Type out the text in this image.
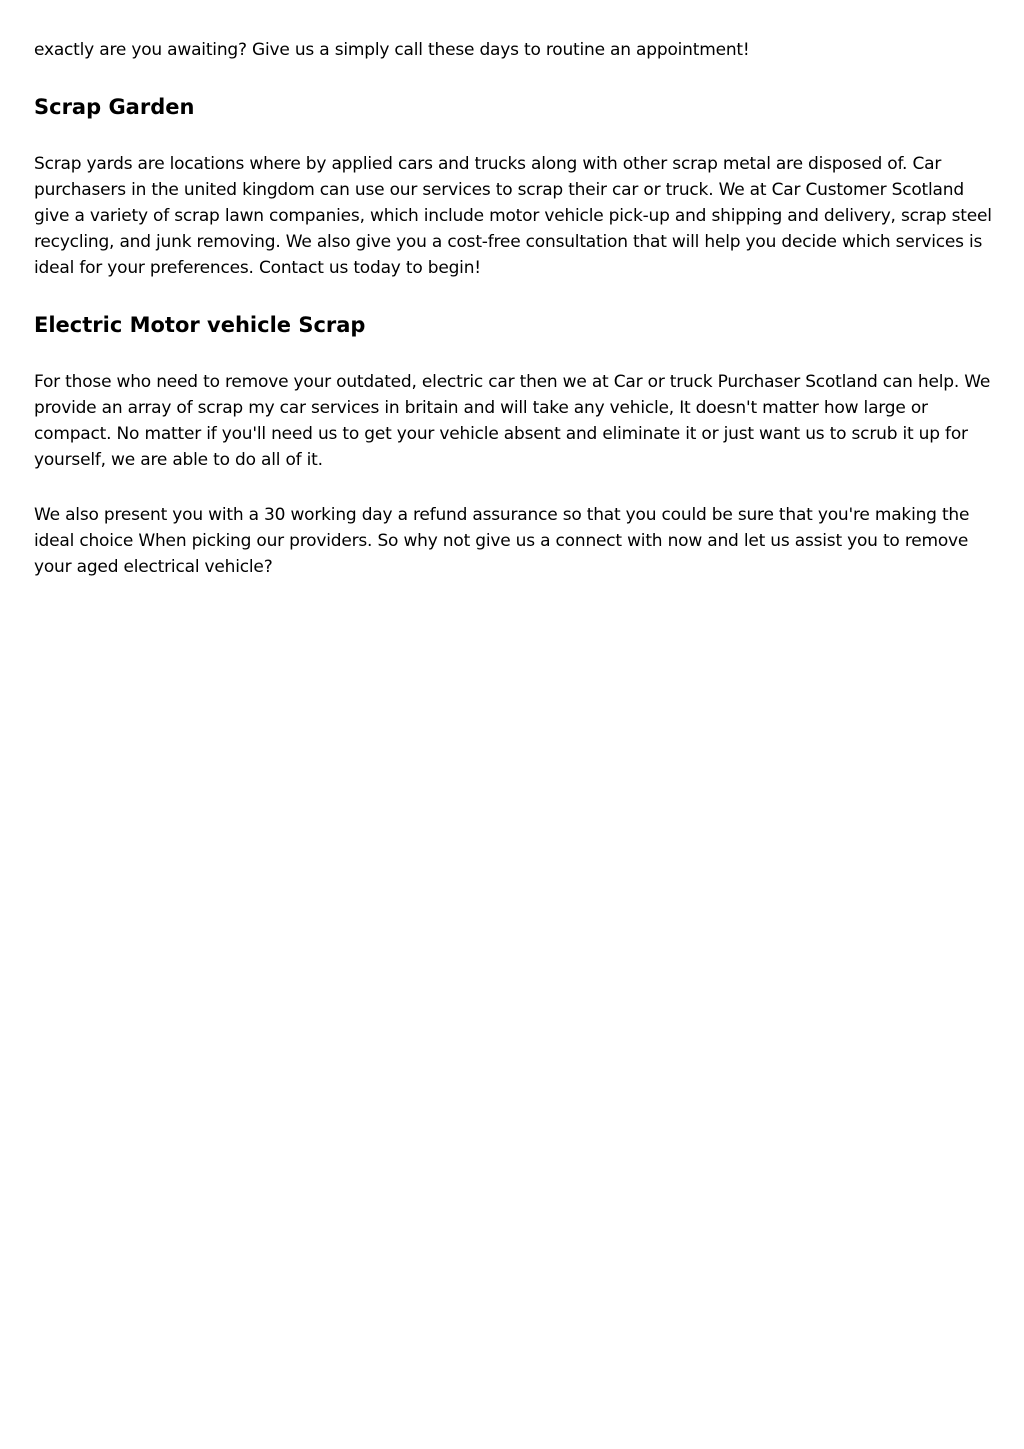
exactly are you awaiting? Give us a simply call these days to routine an appointment!

Scrap Garden

Scrap yards are locations where by applied cars and trucks along with other scrap metal are disposed of. Car purchasers in the united kingdom can use our services to scrap their car or truck. We at Car Customer Scotland give a variety of scrap lawn companies, which include motor vehicle pick-up and shipping and delivery, scrap steel recycling, and junk removing. We also give you a cost-free consultation that will help you decide which services is ideal for your preferences. Contact us today to begin!

Electric Motor vehicle Scrap

For those who need to remove your outdated, electric car then we at Car or truck Purchaser Scotland can help. We provide an array of scrap my car services in britain and will take any vehicle, It doesn't matter how large or compact. No matter if you'll need us to get your vehicle absent and eliminate it or just want us to scrub it up for yourself, we are able to do all of it.

We also present you with a 30 working day a refund assurance so that you could be sure that you're making the ideal choice When picking our providers. So why not give us a connect with now and let us assist you to remove your aged electrical vehicle?
